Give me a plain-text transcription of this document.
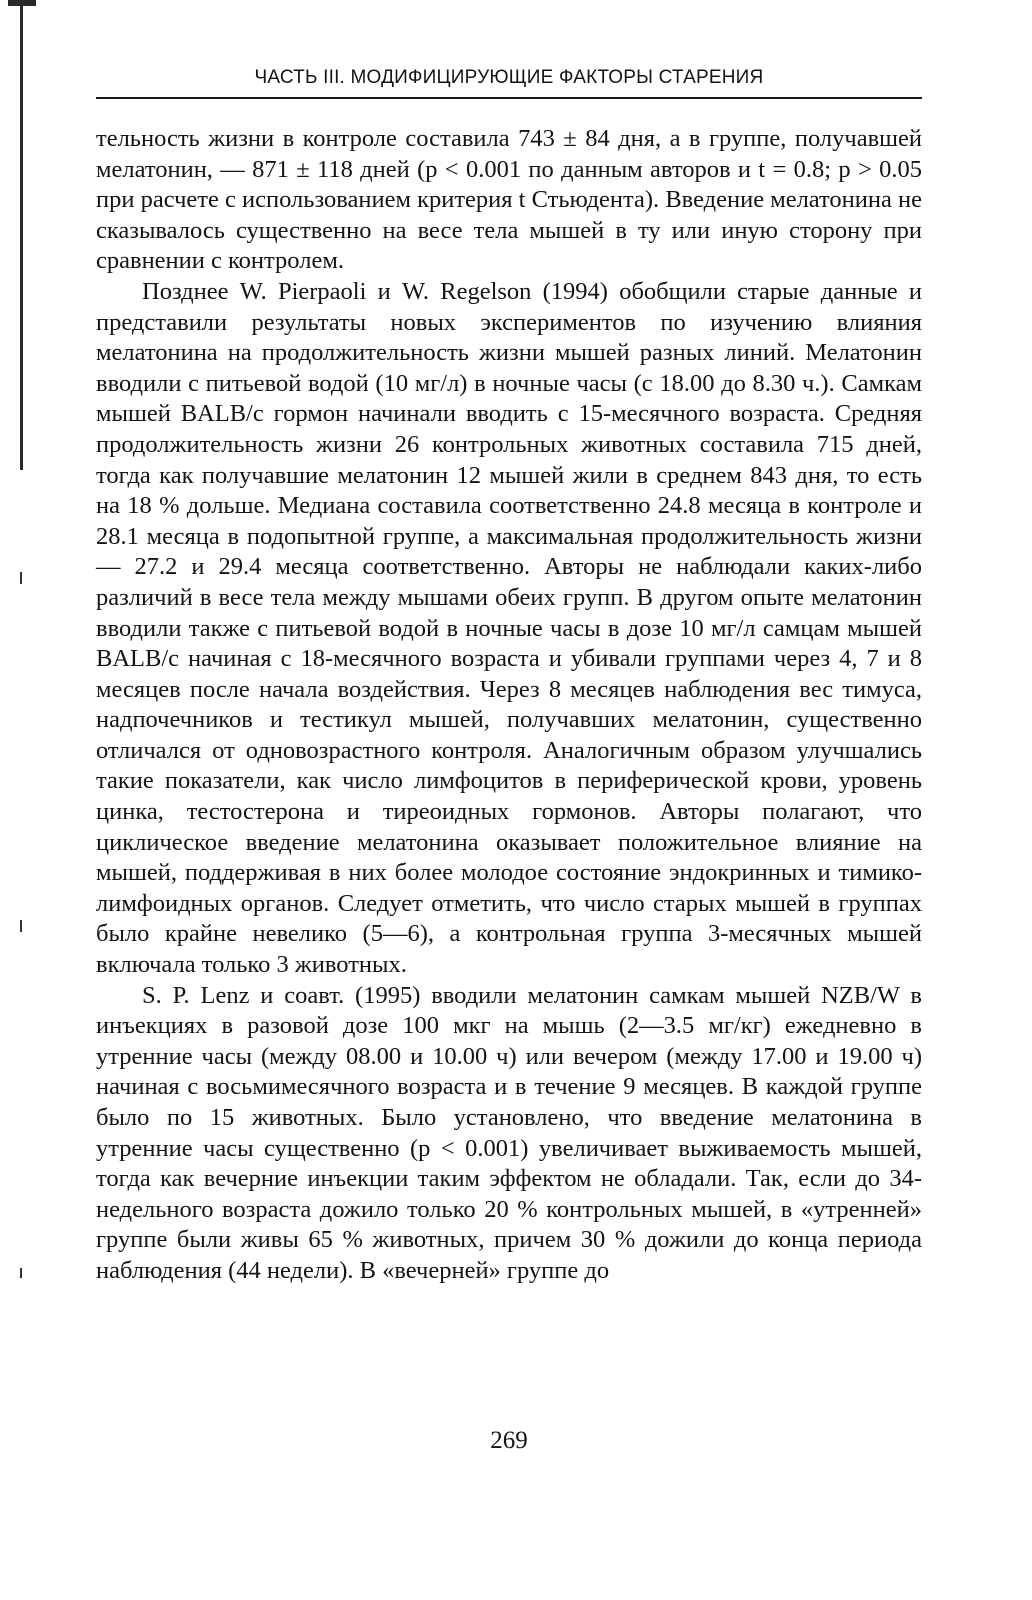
ЧАСТЬ III. МОДИФИЦИРУЮЩИЕ ФАКТОРЫ СТАРЕНИЯ

тельность жизни в контроле составила 743 ± 84 дня, а в группе, получавшей мелатонин, — 871 ± 118 дней (p < 0.001 по данным авторов и t = 0.8; p > 0.05 при расчете с использованием критерия t Стьюдента). Введение мелатонина не сказывалось существенно на весе тела мышей в ту или иную сторону при сравнении с контролем.

Позднее W. Pierpaoli и W. Regelson (1994) обобщили старые данные и представили результаты новых экспериментов по изучению влияния мелатонина на продолжительность жизни мышей разных линий. Мелатонин вводили с питьевой водой (10 мг/л) в ночные часы (с 18.00 до 8.30 ч.). Самкам мышей BALB/c гормон начинали вводить с 15-месячного возраста. Средняя продолжительность жизни 26 контрольных животных составила 715 дней, тогда как получавшие мелатонин 12 мышей жили в среднем 843 дня, то есть на 18 % дольше. Медиана составила соответственно 24.8 месяца в контроле и 28.1 месяца в подопытной группе, а максимальная продолжительность жизни — 27.2 и 29.4 месяца соответственно. Авторы не наблюдали каких-либо различий в весе тела между мышами обеих групп. В другом опыте мелатонин вводили также с питьевой водой в ночные часы в дозе 10 мг/л самцам мышей BALB/c начиная с 18-месячного возраста и убивали группами через 4, 7 и 8 месяцев после начала воздействия. Через 8 месяцев наблюдения вес тимуса, надпочечников и тестикул мышей, получавших мелатонин, существенно отличался от одновозрастного контроля. Аналогичным образом улучшались такие показатели, как число лимфоцитов в периферической крови, уровень цинка, тестостерона и тиреоидных гормонов. Авторы полагают, что циклическое введение мелатонина оказывает положительное влияние на мышей, поддерживая в них более молодое состояние эндокринных и тимико-лимфоидных органов. Следует отметить, что число старых мышей в группах было крайне невелико (5—6), а контрольная группа 3-месячных мышей включала только 3 животных.

S. P. Lenz и соавт. (1995) вводили мелатонин самкам мышей NZB/W в инъекциях в разовой дозе 100 мкг на мышь (2—3.5 мг/кг) ежедневно в утренние часы (между 08.00 и 10.00 ч) или вечером (между 17.00 и 19.00 ч) начиная с восьмимесячного возраста и в течение 9 месяцев. В каждой группе было по 15 животных. Было установлено, что введение мелатонина в утренние часы существенно (p < 0.001) увеличивает выживаемость мышей, тогда как вечерние инъекции таким эффектом не обладали. Так, если до 34-недельного возраста дожило только 20 % контрольных мышей, в «утренней» группе были живы 65 % животных, причем 30 % дожили до конца периода наблюдения (44 недели). В «вечерней» группе до

269
